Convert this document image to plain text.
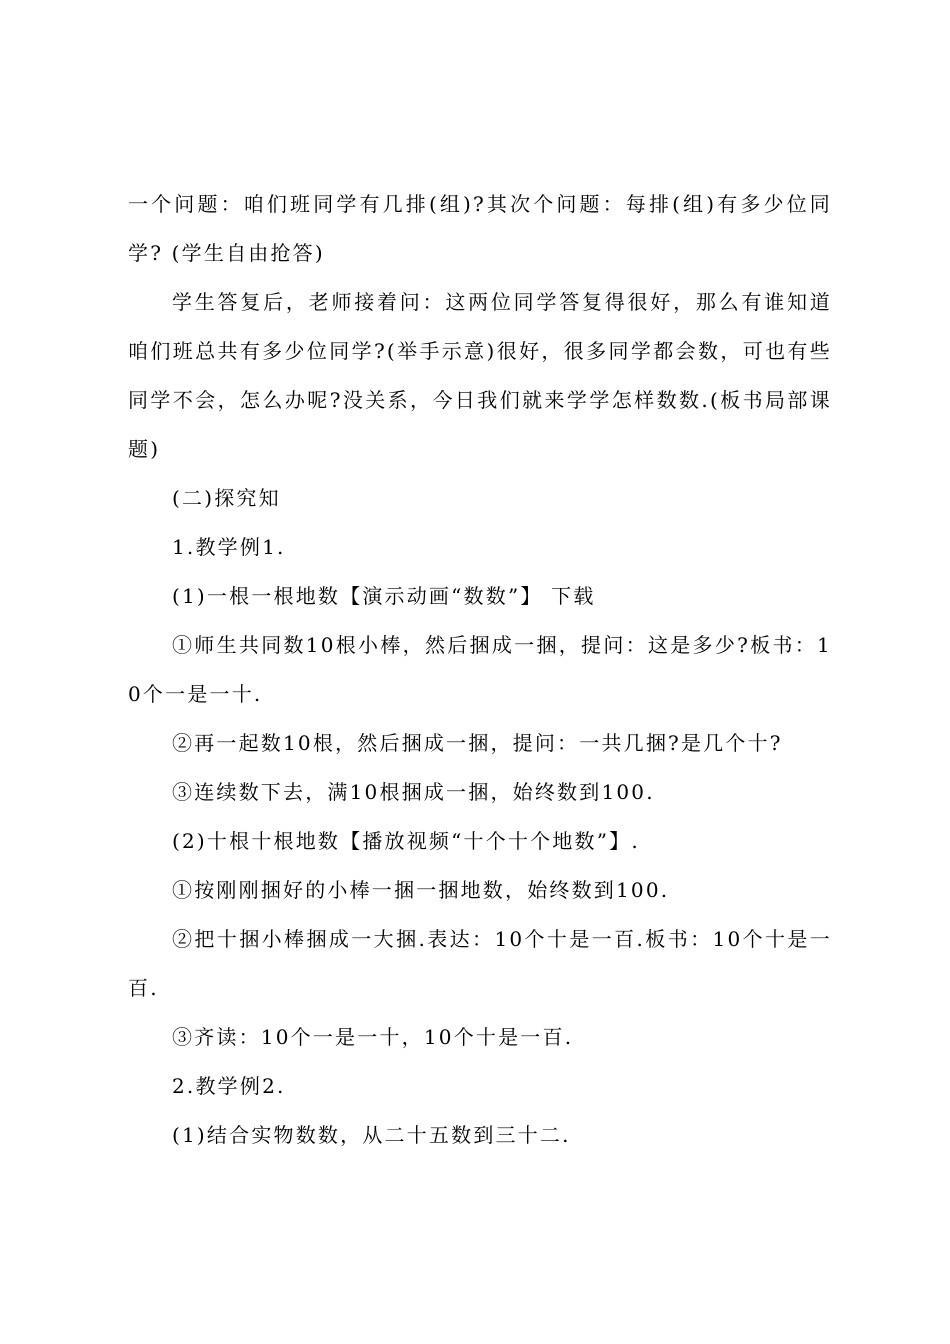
一个问题：咱们班同学有几排(组)?其次个问题：每排(组)有多少位同学? (学生自由抢答)

学生答复后，老师接着问：这两位同学答复得很好，那么有谁知道咱们班总共有多少位同学?(举手示意)很好，很多同学都会数，可也有些同学不会，怎么办呢?没关系，今日我们就来学学怎样数数.(板书局部课题)

(二)探究知

1.教学例1.

(1)一根一根地数【演示动画“数数”】 下载

①师生共同数10根小棒，然后捆成一捆，提问：这是多少?板书：10个一是一十.

②再一起数10根，然后捆成一捆，提问：一共几捆?是几个十?

③连续数下去，满10根捆成一捆，始终数到100.

(2)十根十根地数【播放视频“十个十个地数”】.

①按刚刚捆好的小棒一捆一捆地数，始终数到100.

②把十捆小棒捆成一大捆.表达：10个十是一百.板书：10个十是一百.

③齐读：10个一是一十，10个十是一百.

2.教学例2.

(1)结合实物数数，从二十五数到三十二.
